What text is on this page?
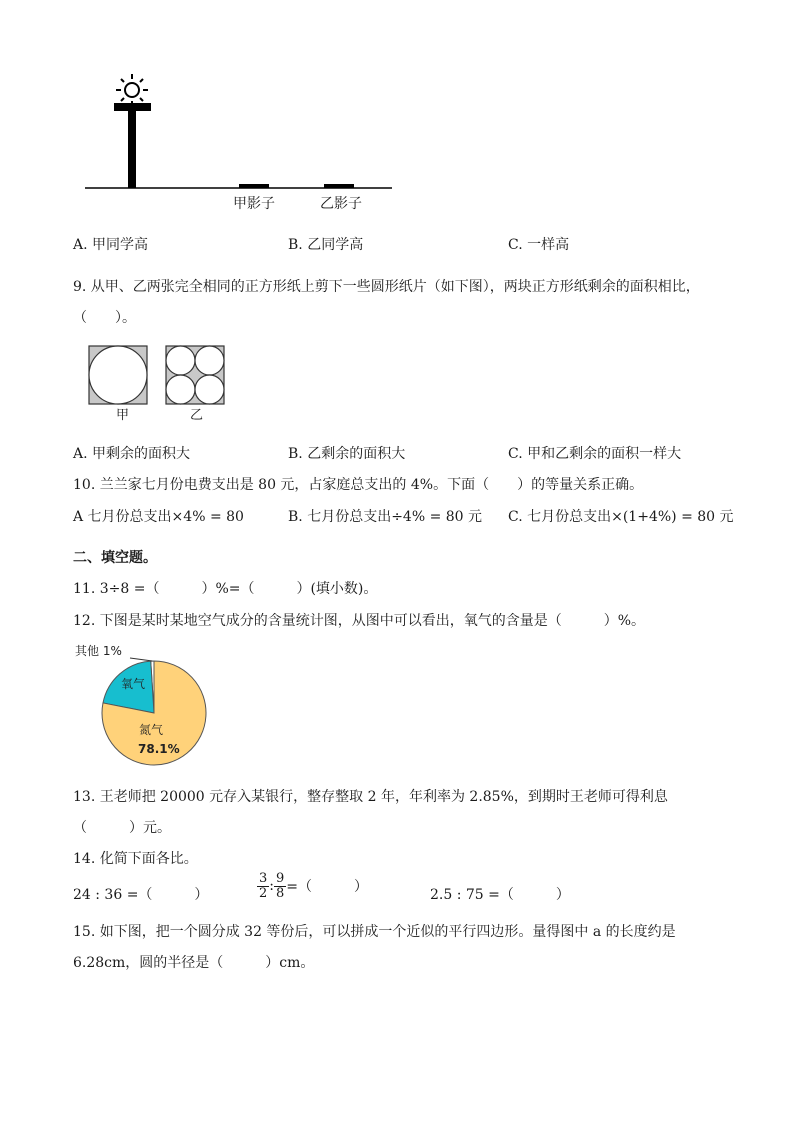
甲影子	乙影子
A. 甲同学高	B. 乙同学高	C. 一样高
9. 从甲、乙两张完全相同的正方形纸上剪下一些圆形纸片（如下图），两块正方形纸剩余的面积相比，
（　　）。
甲	乙
A. 甲剩余的面积大	B. 乙剩余的面积大	C. 甲和乙剩余的面积一样大
10. 兰兰家七月份电费支出是 80 元，占家庭总支出的 4%。下面（　　）的等量关系正确。
A 七月份总支出×4% = 80	B. 七月份总支出÷4% = 80 元 C. 七月份总支出×(1+4%) = 80 元
二、填空题。
11. 3÷8 =（　　　）%=（　　　）(填小数)。
12. 下图是某时某地空气成分的含量统计图，从图中可以看出，氧气的含量是（　　　）%。
其他 1%
氧气
氮气
78.1%
13. 王老师把 20000 元存入某银行，整存整取 2 年，年利率为 2.85%，到期时王老师可得利息
（　　　）元。
14. 化简下面各比。
24 : 36 =（　　　）	$\frac{3}{2}$ : $\frac{9}{8}$ =（　　　）	2.5 : 75 =（　　　）
15. 如下图，把一个圆分成 32 等份后，可以拼成一个近似的平行四边形。量得图中 a 的长度约是
6.28cm，圆的半径是（　　　）cm。
